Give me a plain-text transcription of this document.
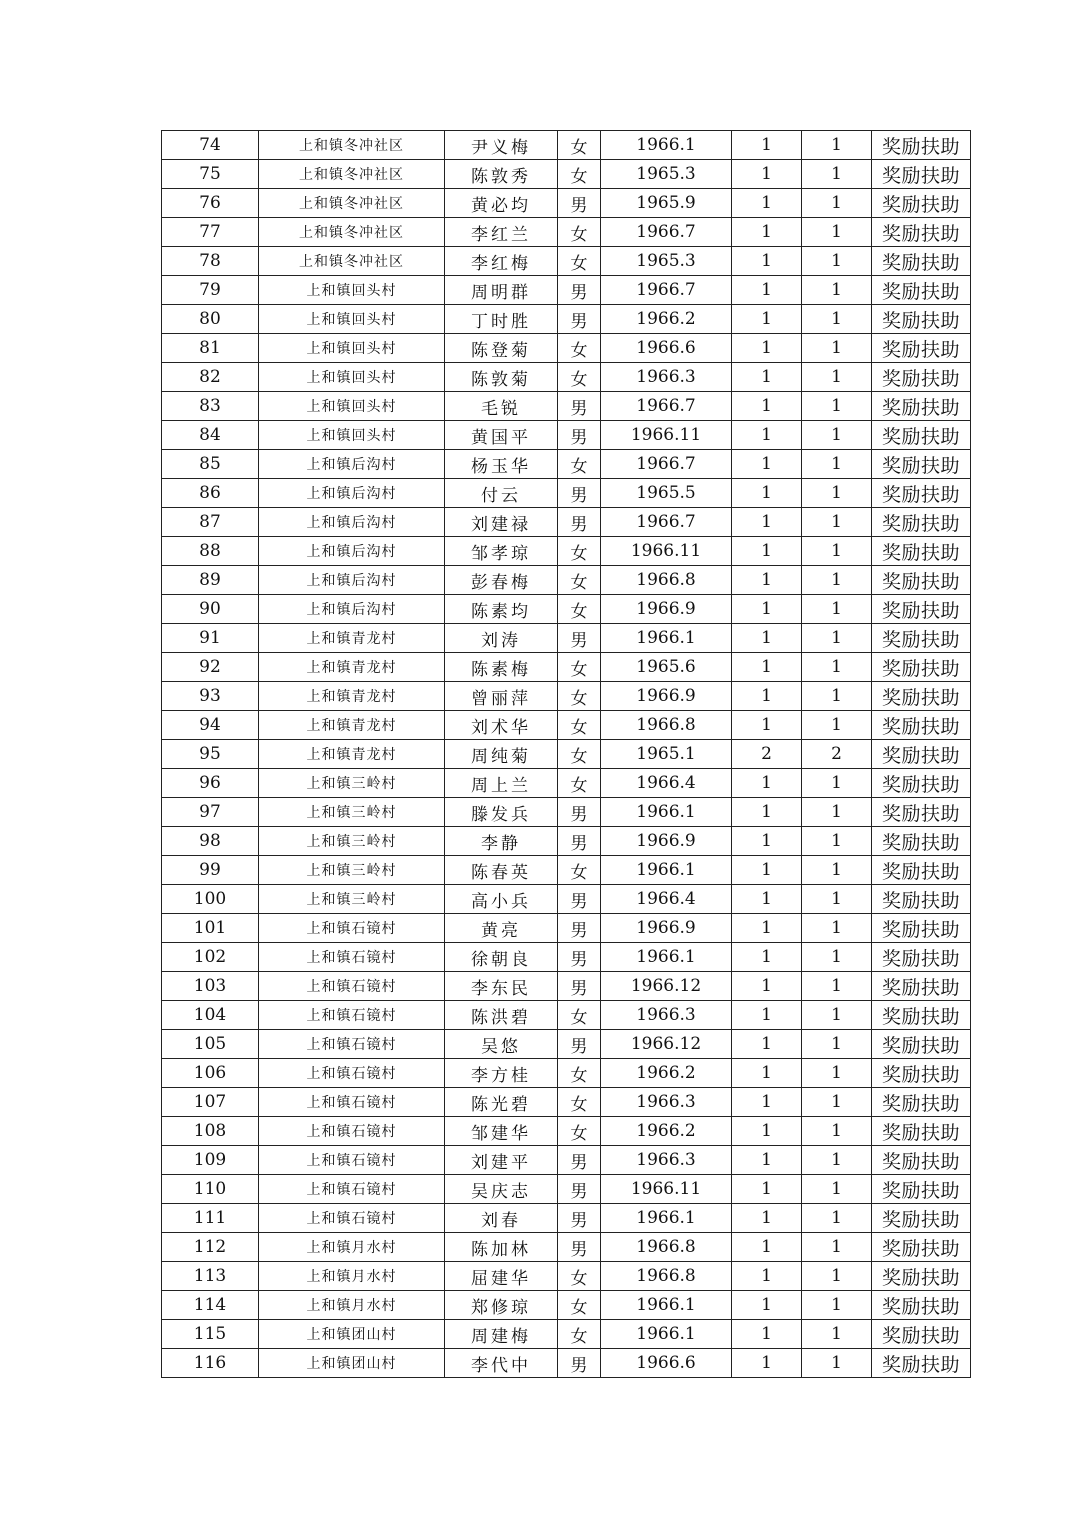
74	上和镇冬冲社区	尹义梅	女	1966.1	1	1	奖励扶助
75	上和镇冬冲社区	陈敦秀	女	1965.3	1	1	奖励扶助
76	上和镇冬冲社区	黄必均	男	1965.9	1	1	奖励扶助
77	上和镇冬冲社区	李红兰	女	1966.7	1	1	奖励扶助
78	上和镇冬冲社区	李红梅	女	1965.3	1	1	奖励扶助
79	上和镇回头村	周明群	男	1966.7	1	1	奖励扶助
80	上和镇回头村	丁时胜	男	1966.2	1	1	奖励扶助
81	上和镇回头村	陈登菊	女	1966.6	1	1	奖励扶助
82	上和镇回头村	陈敦菊	女	1966.3	1	1	奖励扶助
83	上和镇回头村	毛锐	男	1966.7	1	1	奖励扶助
84	上和镇回头村	黄国平	男	1966.11	1	1	奖励扶助
85	上和镇后沟村	杨玉华	女	1966.7	1	1	奖励扶助
86	上和镇后沟村	付云	男	1965.5	1	1	奖励扶助
87	上和镇后沟村	刘建禄	男	1966.7	1	1	奖励扶助
88	上和镇后沟村	邹孝琼	女	1966.11	1	1	奖励扶助
89	上和镇后沟村	彭春梅	女	1966.8	1	1	奖励扶助
90	上和镇后沟村	陈素均	女	1966.9	1	1	奖励扶助
91	上和镇青龙村	刘涛	男	1966.1	1	1	奖励扶助
92	上和镇青龙村	陈素梅	女	1965.6	1	1	奖励扶助
93	上和镇青龙村	曾丽萍	女	1966.9	1	1	奖励扶助
94	上和镇青龙村	刘术华	女	1966.8	1	1	奖励扶助
95	上和镇青龙村	周纯菊	女	1965.1	2	2	奖励扶助
96	上和镇三岭村	周上兰	女	1966.4	1	1	奖励扶助
97	上和镇三岭村	滕发兵	男	1966.1	1	1	奖励扶助
98	上和镇三岭村	李静	男	1966.9	1	1	奖励扶助
99	上和镇三岭村	陈春英	女	1966.1	1	1	奖励扶助
100	上和镇三岭村	高小兵	男	1966.4	1	1	奖励扶助
101	上和镇石镜村	黄亮	男	1966.9	1	1	奖励扶助
102	上和镇石镜村	徐朝良	男	1966.1	1	1	奖励扶助
103	上和镇石镜村	李东民	男	1966.12	1	1	奖励扶助
104	上和镇石镜村	陈洪碧	女	1966.3	1	1	奖励扶助
105	上和镇石镜村	吴悠	男	1966.12	1	1	奖励扶助
106	上和镇石镜村	李方桂	女	1966.2	1	1	奖励扶助
107	上和镇石镜村	陈光碧	女	1966.3	1	1	奖励扶助
108	上和镇石镜村	邹建华	女	1966.2	1	1	奖励扶助
109	上和镇石镜村	刘建平	男	1966.3	1	1	奖励扶助
110	上和镇石镜村	吴庆志	男	1966.11	1	1	奖励扶助
111	上和镇石镜村	刘春	男	1966.1	1	1	奖励扶助
112	上和镇月水村	陈加林	男	1966.8	1	1	奖励扶助
113	上和镇月水村	屈建华	女	1966.8	1	1	奖励扶助
114	上和镇月水村	郑修琼	女	1966.1	1	1	奖励扶助
115	上和镇团山村	周建梅	女	1966.1	1	1	奖励扶助
116	上和镇团山村	李代中	男	1966.6	1	1	奖励扶助
